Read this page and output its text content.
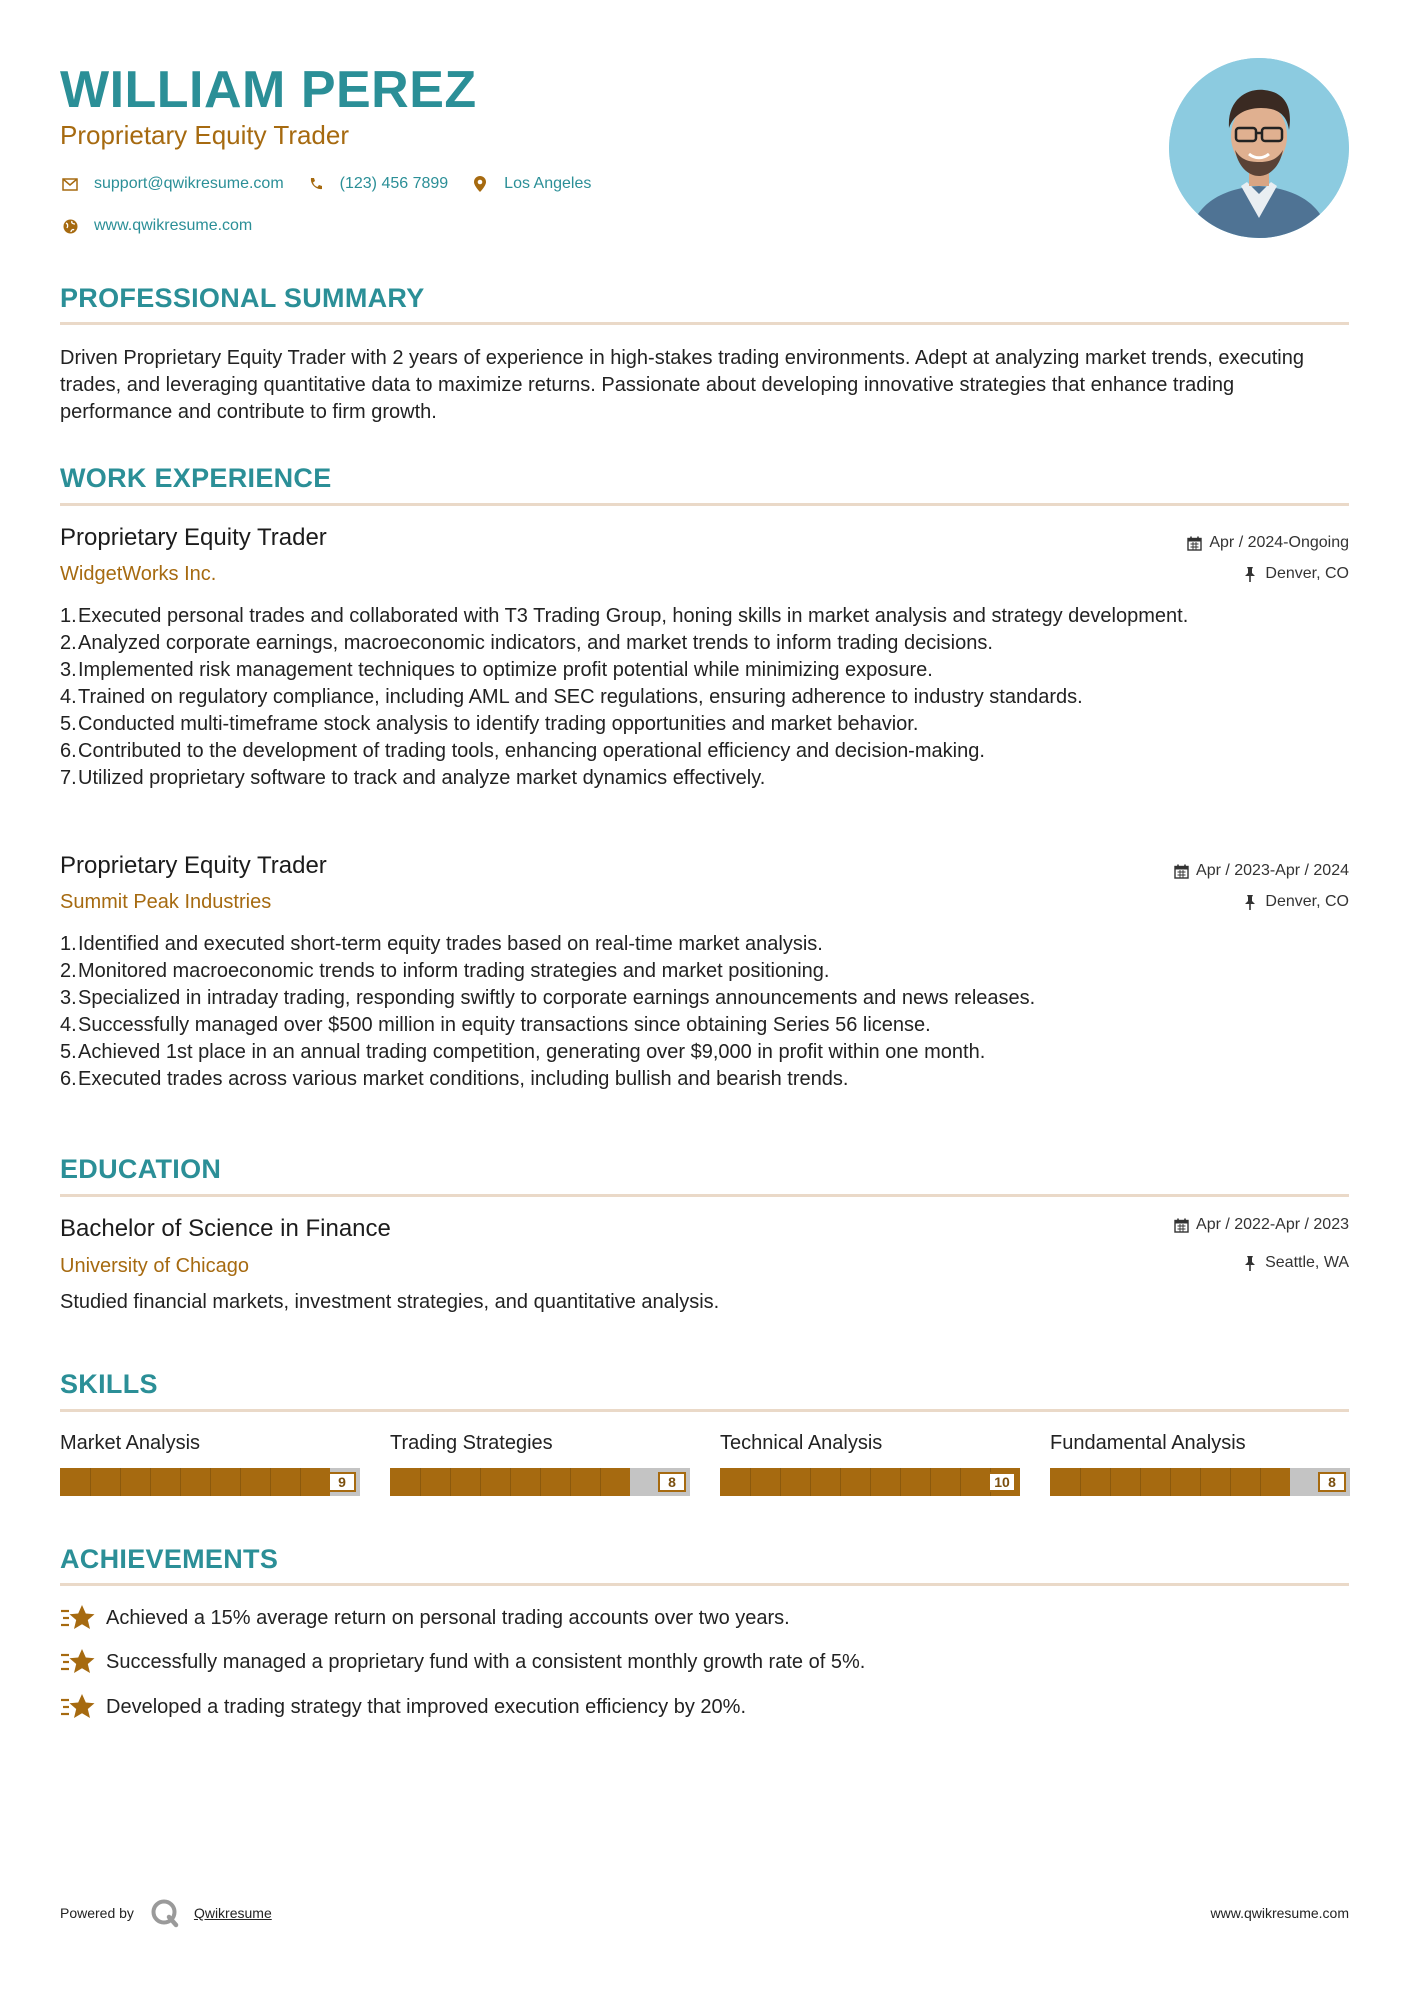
WILLIAM PEREZ
Proprietary Equity Trader
support@qwikresume.com	(123) 456 7899	Los Angeles
www.qwikresume.com
PROFESSIONAL SUMMARY
Driven Proprietary Equity Trader with 2 years of experience in high-stakes trading environments. Adept at analyzing market trends, executing trades, and leveraging quantitative data to maximize returns. Passionate about developing innovative strategies that enhance trading performance and contribute to firm growth.
WORK EXPERIENCE
Proprietary Equity Trader
WidgetWorks Inc.
Apr / 2024-Ongoing
Denver, CO
1. Executed personal trades and collaborated with T3 Trading Group, honing skills in market analysis and strategy development.
2. Analyzed corporate earnings, macroeconomic indicators, and market trends to inform trading decisions.
3. Implemented risk management techniques to optimize profit potential while minimizing exposure.
4. Trained on regulatory compliance, including AML and SEC regulations, ensuring adherence to industry standards.
5. Conducted multi-timeframe stock analysis to identify trading opportunities and market behavior.
6. Contributed to the development of trading tools, enhancing operational efficiency and decision-making.
7. Utilized proprietary software to track and analyze market dynamics effectively.
Proprietary Equity Trader
Summit Peak Industries
Apr / 2023-Apr / 2024
Denver, CO
1. Identified and executed short-term equity trades based on real-time market analysis.
2. Monitored macroeconomic trends to inform trading strategies and market positioning.
3. Specialized in intraday trading, responding swiftly to corporate earnings announcements and news releases.
4. Successfully managed over $500 million in equity transactions since obtaining Series 56 license.
5. Achieved 1st place in an annual trading competition, generating over $9,000 in profit within one month.
6. Executed trades across various market conditions, including bullish and bearish trends.
EDUCATION
Bachelor of Science in Finance
University of Chicago
Apr / 2022-Apr / 2023
Seattle, WA
Studied financial markets, investment strategies, and quantitative analysis.
SKILLS
Market Analysis
9
Trading Strategies
8
Technical Analysis
10
Fundamental Analysis
8
ACHIEVEMENTS
Achieved a 15% average return on personal trading accounts over two years.
Successfully managed a proprietary fund with a consistent monthly growth rate of 5%.
Developed a trading strategy that improved execution efficiency by 20%.
Powered by	Qwikresume	www.qwikresume.com
